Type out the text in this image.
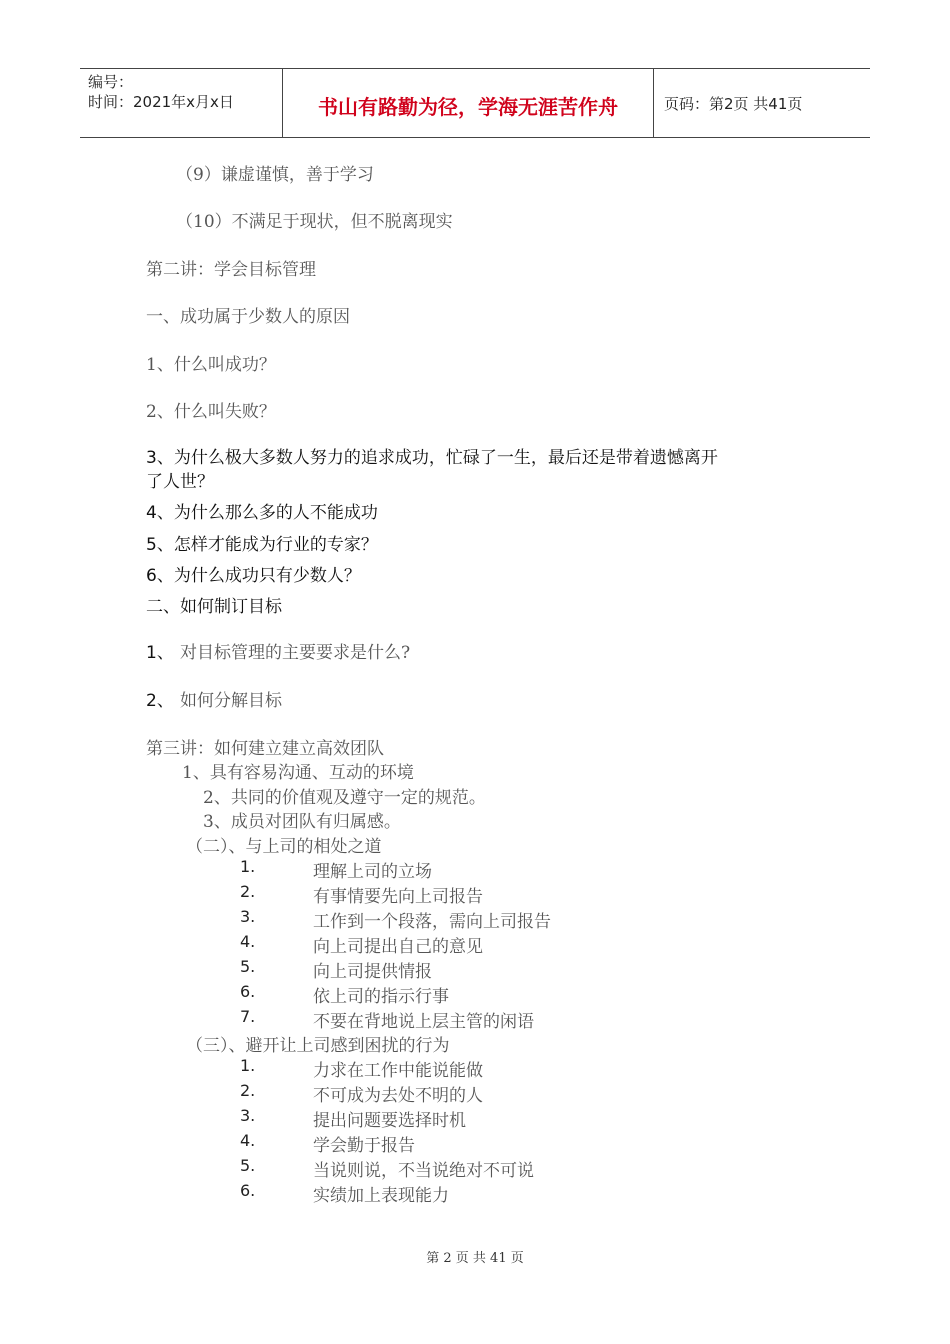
编号：
时间：2021年x月x日	书山有路勤为径，学海无涯苦作舟	页码：第2页 共41页
（9）谦虚谨慎，善于学习
（10）不满足于现状，但不脱离现实
第二讲：学会目标管理
一、成功属于少数人的原因
1、什么叫成功？
2、什么叫失败？
3、为什么极大多数人努力的追求成功，忙碌了一生，最后还是带着遗憾离开
了人世？
4、为什么那么多的人不能成功
5、怎样才能成为行业的专家？
6、为什么成功只有少数人？
二、如何制订目标
1、 对目标管理的主要要求是什么?
2、 如何分解目标
第三讲：如何建立建立高效团队
1、具有容易沟通、互动的环境
2、共同的价值观及遵守一定的规范。
3、成员对团队有归属感。
（二）、与上司的相处之道
1.	理解上司的立场
2.	有事情要先向上司报告
3.	工作到一个段落，需向上司报告
4.	向上司提出自己的意见
5.	向上司提供情报
6.	依上司的指示行事
7.	不要在背地说上层主管的闲语
（三）、避开让上司感到困扰的行为
1.	力求在工作中能说能做
2.	不可成为去处不明的人
3.	提出问题要选择时机
4.	学会勤于报告
5.	当说则说，不当说绝对不可说
6.	实绩加上表现能力
第 2 页 共 41 页
